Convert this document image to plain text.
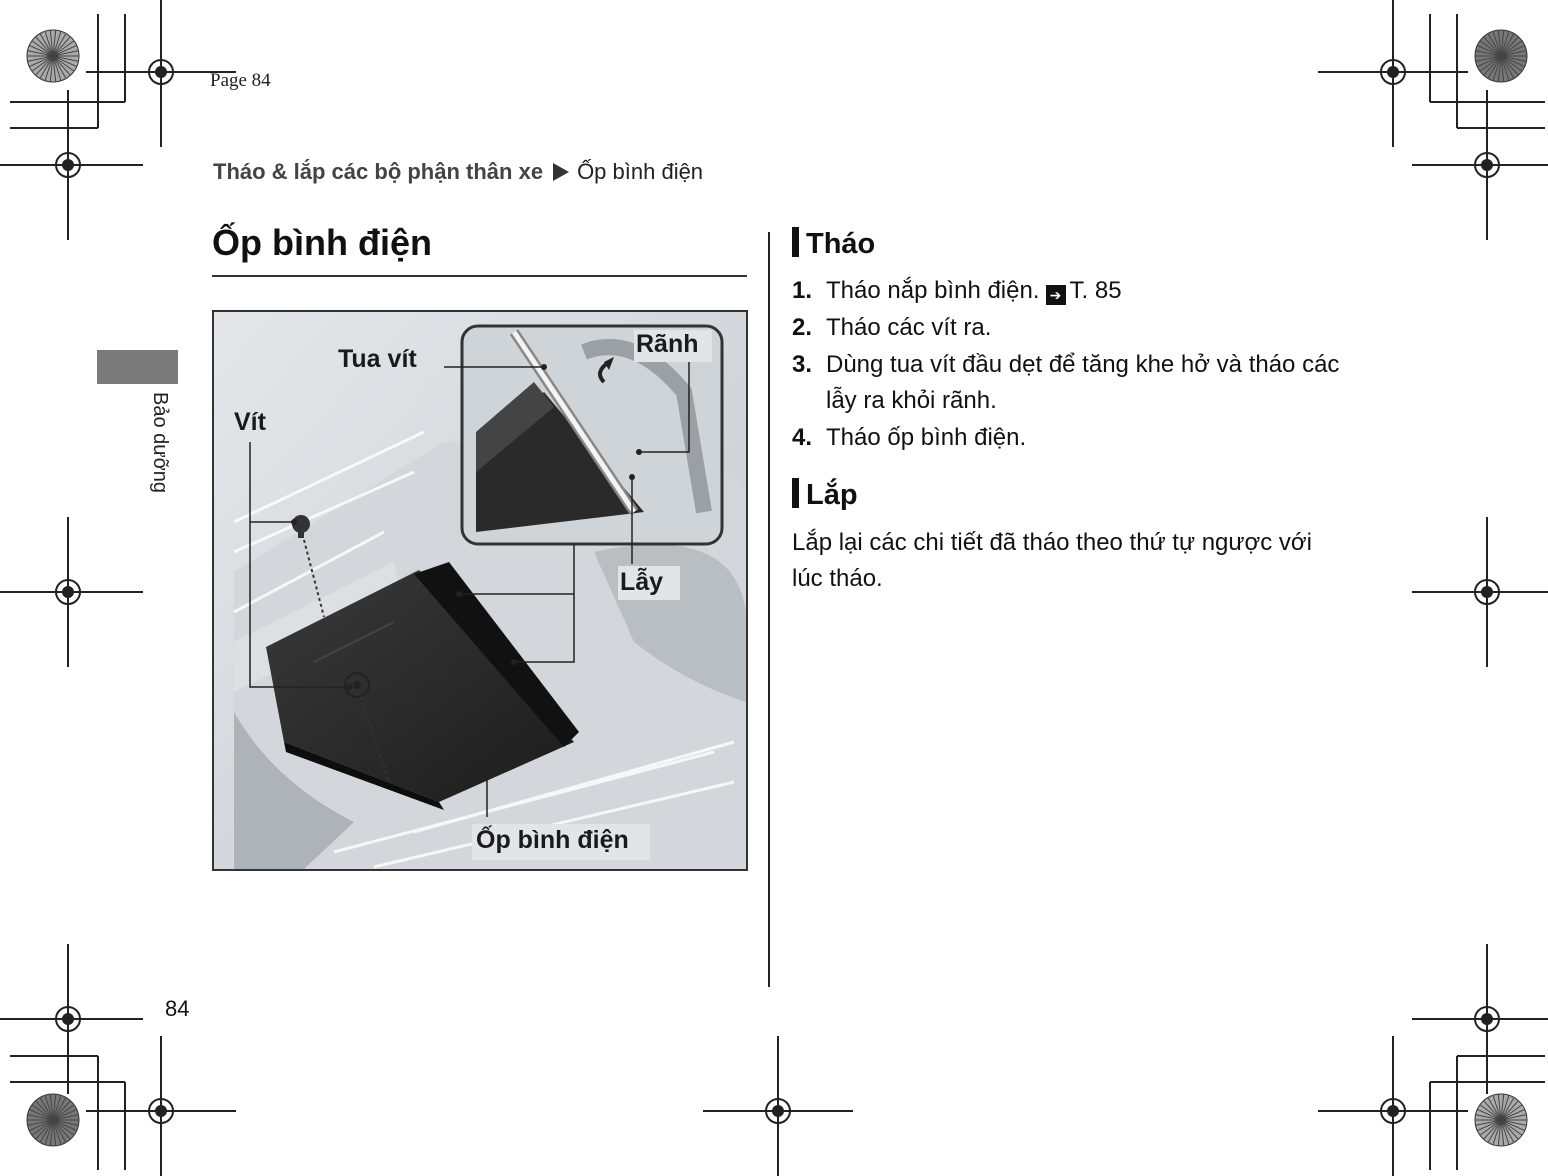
Page 84
Tháo & lắp các bộ phận thân xe Ốp bình điện
Bảo dưỡng
Ốp bình điện
Tua vít
Rãnh
Vít
Lẫy
Ốp bình điện
Tháo
1. Tháo nắp bình điện. ➔ T. 85
2. Tháo các vít ra.
3. Dùng tua vít đầu dẹt để tăng khe hở và tháo các lẫy ra khỏi rãnh.
4. Tháo ốp bình điện.
Lắp
Lắp lại các chi tiết đã tháo theo thứ tự ngược với lúc tháo.
84
